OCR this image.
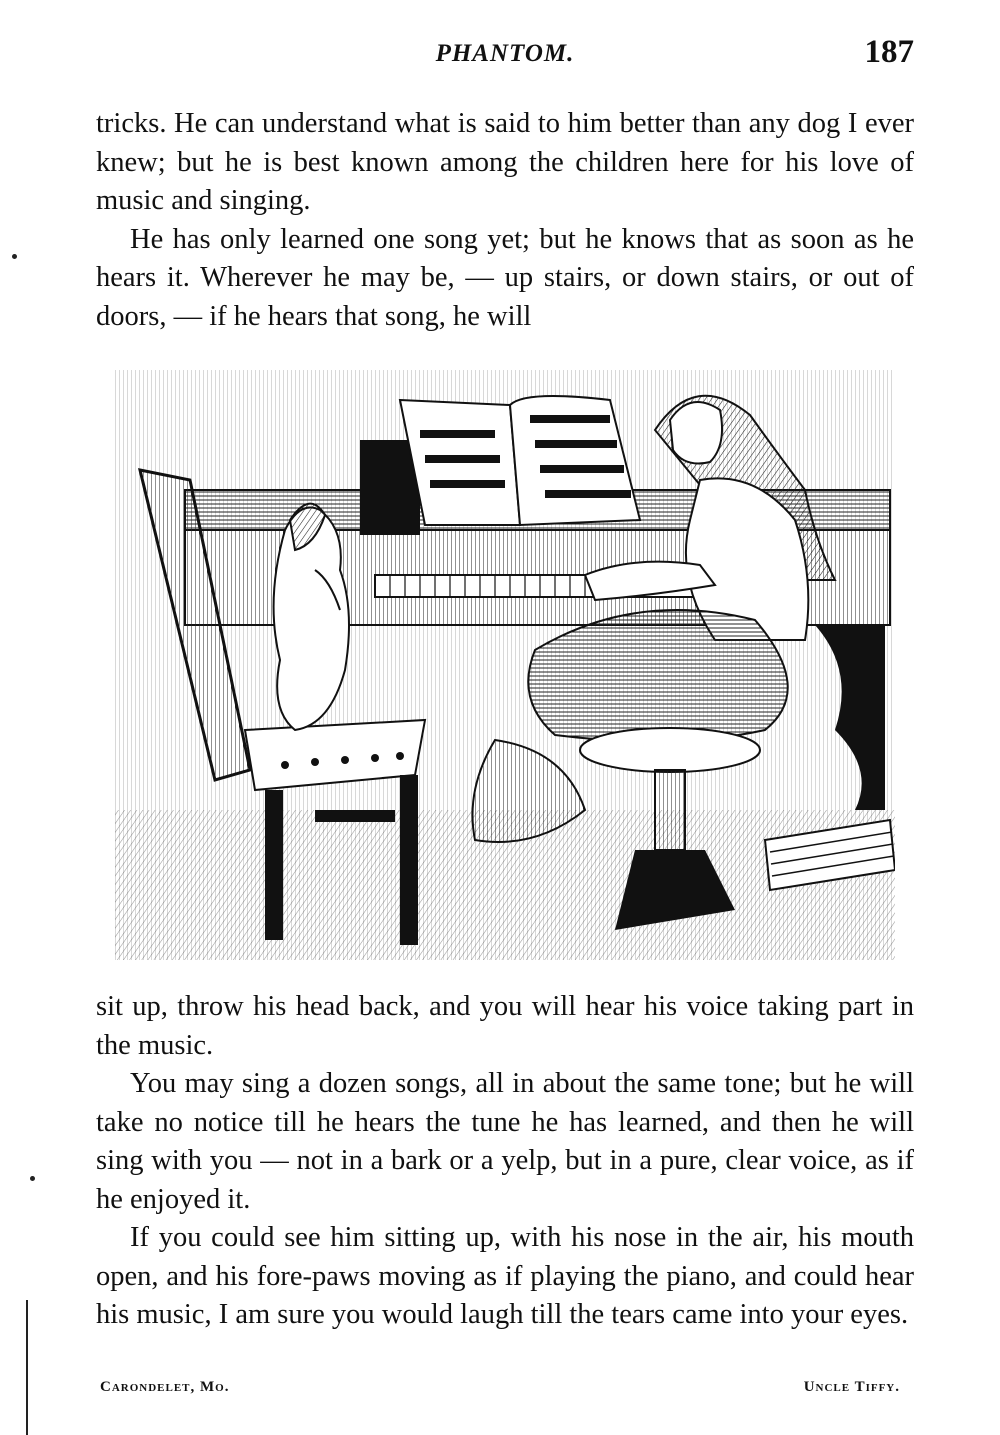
PHANTOM.	187

tricks. He can understand what is said to him better than any dog I ever knew; but he is best known among the children here for his love of music and singing.

He has only learned one song yet; but he knows that as soon as he hears it. Wherever he may be, — up stairs, or down stairs, or out of doors, — if he hears that song, he will

sit up, throw his head back, and you will hear his voice taking part in the music.

You may sing a dozen songs, all in about the same tone; but he will take no notice till he hears the tune he has learned, and then he will sing with you — not in a bark or a yelp, but in a pure, clear voice, as if he enjoyed it.

If you could see him sitting up, with his nose in the air, his mouth open, and his fore-paws moving as if playing the piano, and could hear his music, I am sure you would laugh till the tears came into your eyes.

Carondelet, Mo.	Uncle Tiffy.
